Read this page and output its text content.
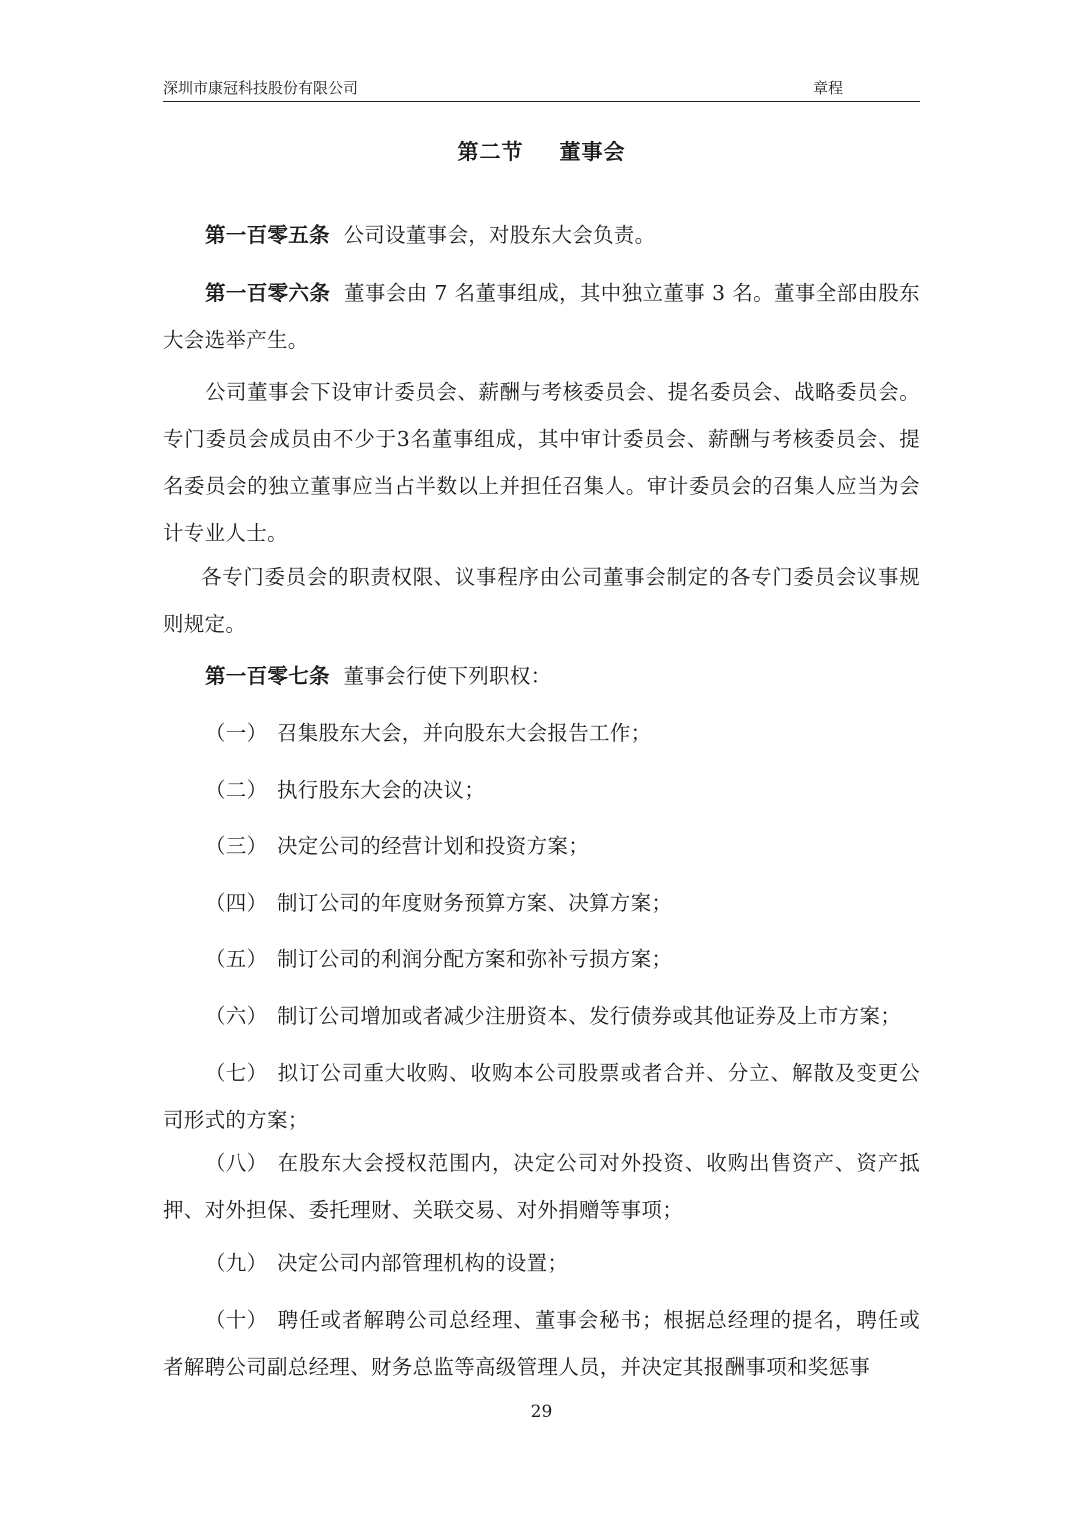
深圳市康冠科技股份有限公司	章程
第二节 董事会

第一百零五条 公司设董事会，对股东大会负责。

第一百零六条 董事会由 7 名董事组成，其中独立董事 3 名。董事全部由股东大会选举产生。

公司董事会下设审计委员会、薪酬与考核委员会、提名委员会、战略委员会。专门委员会成员由不少于3名董事组成，其中审计委员会、薪酬与考核委员会、提名委员会的独立董事应当占半数以上并担任召集人。审计委员会的召集人应当为会计专业人士。

各专门委员会的职责权限、议事程序由公司董事会制定的各专门委员会议事规则规定。

第一百零七条 董事会行使下列职权：

（一） 召集股东大会，并向股东大会报告工作；

（二） 执行股东大会的决议；

（三） 决定公司的经营计划和投资方案；

（四） 制订公司的年度财务预算方案、决算方案；

（五） 制订公司的利润分配方案和弥补亏损方案；

（六） 制订公司增加或者减少注册资本、发行债券或其他证券及上市方案；

（七） 拟订公司重大收购、收购本公司股票或者合并、分立、解散及变更公司形式的方案；

（八） 在股东大会授权范围内，决定公司对外投资、收购出售资产、资产抵押、对外担保、委托理财、关联交易、对外捐赠等事项；

（九） 决定公司内部管理机构的设置；

（十） 聘任或者解聘公司总经理、董事会秘书；根据总经理的提名，聘任或者解聘公司副总经理、财务总监等高级管理人员，并决定其报酬事项和奖惩事

29
